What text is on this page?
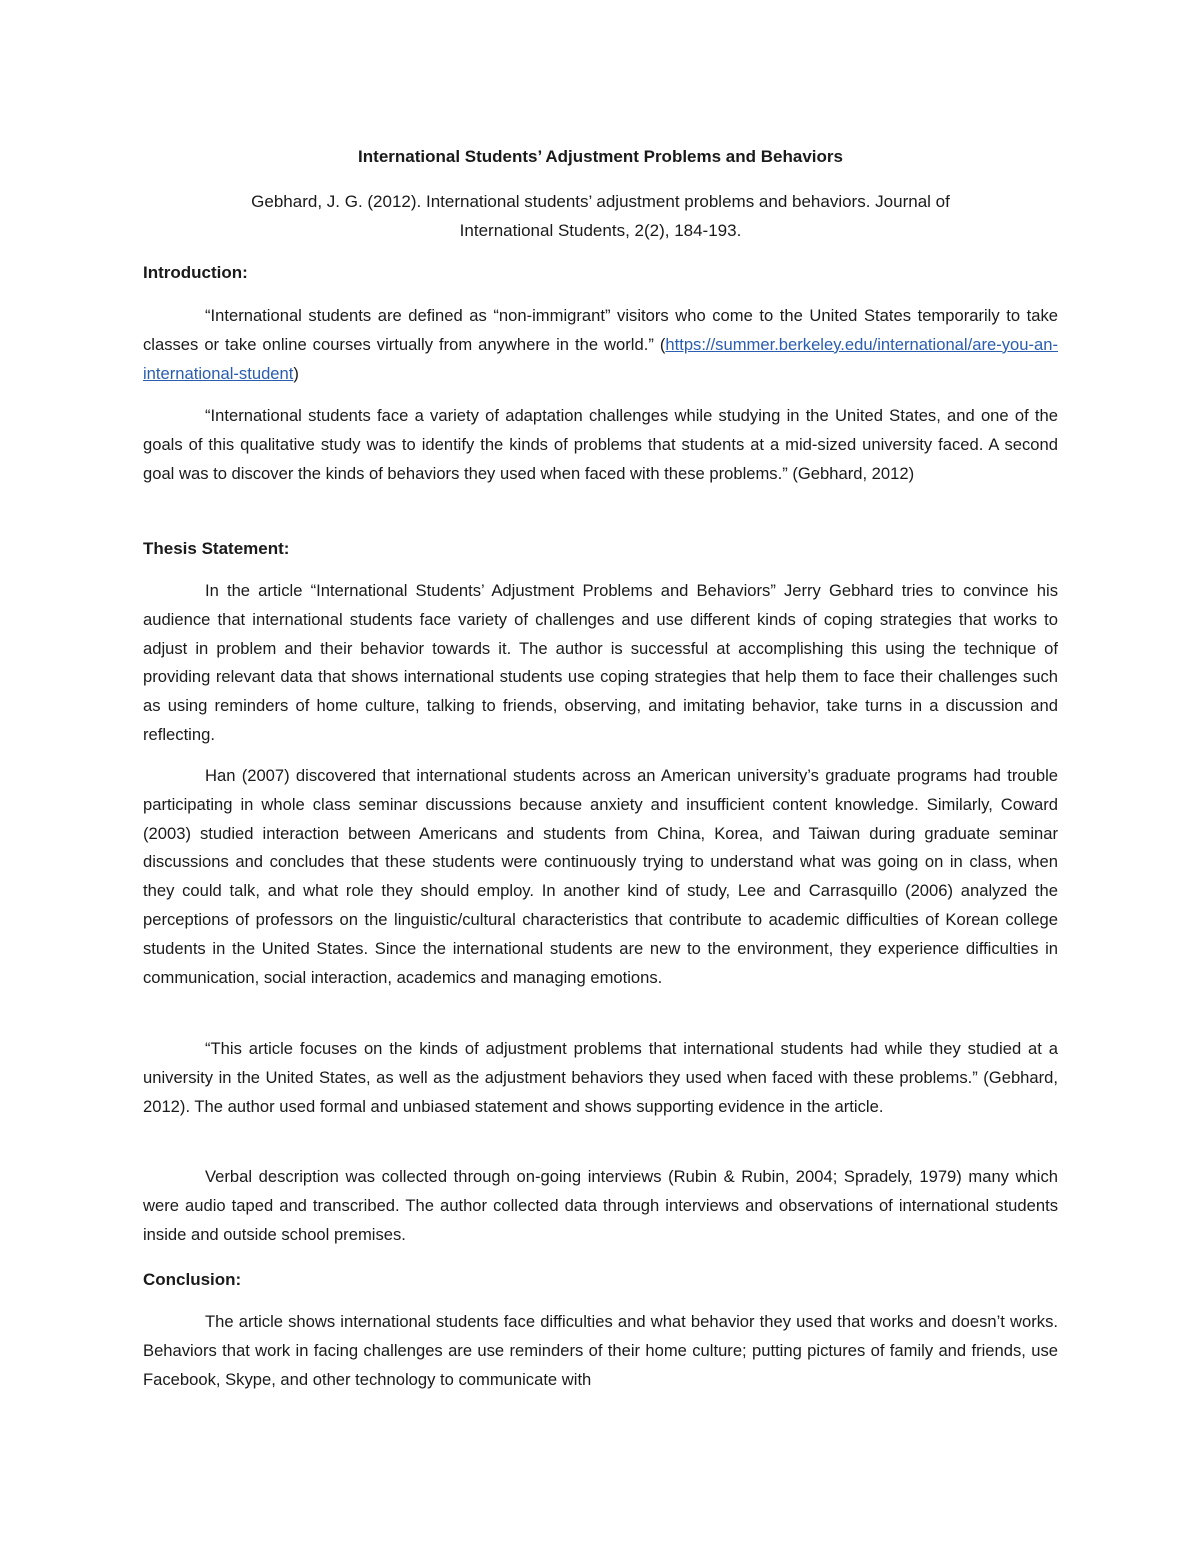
International Students’ Adjustment Problems and Behaviors
Gebhard, J. G. (2012). International students’ adjustment problems and behaviors. Journal of
International Students, 2(2), 184-193.
Introduction:

“International students are defined as “non-immigrant” visitors who come to the United States temporarily to take classes or take online courses virtually from anywhere in the world.” (https://summer.berkeley.edu/international/are-you-an-international-student)

“International students face a variety of adaptation challenges while studying in the United States, and one of the goals of this qualitative study was to identify the kinds of problems that students at a mid-sized university faced. A second goal was to discover the kinds of behaviors they used when faced with these problems.” (Gebhard, 2012)

Thesis Statement:

In the article “International Students’ Adjustment Problems and Behaviors” Jerry Gebhard tries to convince his audience that international students face variety of challenges and use different kinds of coping strategies that works to adjust in problem and their behavior towards it. The author is successful at accomplishing this using the technique of providing relevant data that shows international students use coping strategies that help them to face their challenges such as using reminders of home culture, talking to friends, observing, and imitating behavior, take turns in a discussion and reflecting.

Han (2007) discovered that international students across an American university’s graduate programs had trouble participating in whole class seminar discussions because anxiety and insufficient content knowledge. Similarly, Coward (2003) studied interaction between Americans and students from China, Korea, and Taiwan during graduate seminar discussions and concludes that these students were continuously trying to understand what was going on in class, when they could talk, and what role they should employ. In another kind of study, Lee and Carrasquillo (2006) analyzed the perceptions of professors on the linguistic/cultural characteristics that contribute to academic difficulties of Korean college students in the United States. Since the international students are new to the environment, they experience difficulties in communication, social interaction, academics and managing emotions.

“This article focuses on the kinds of adjustment problems that international students had while they studied at a university in the United States, as well as the adjustment behaviors they used when faced with these problems.” (Gebhard, 2012). The author used formal and unbiased statement and shows supporting evidence in the article.

Verbal description was collected through on-going interviews (Rubin & Rubin, 2004; Spradely, 1979) many which were audio taped and transcribed. The author collected data through interviews and observations of international students inside and outside school premises.

Conclusion:

The article shows international students face difficulties and what behavior they used that works and doesn’t works. Behaviors that work in facing challenges are use reminders of their home culture; putting pictures of family and friends, use Facebook, Skype, and other technology to communicate with
